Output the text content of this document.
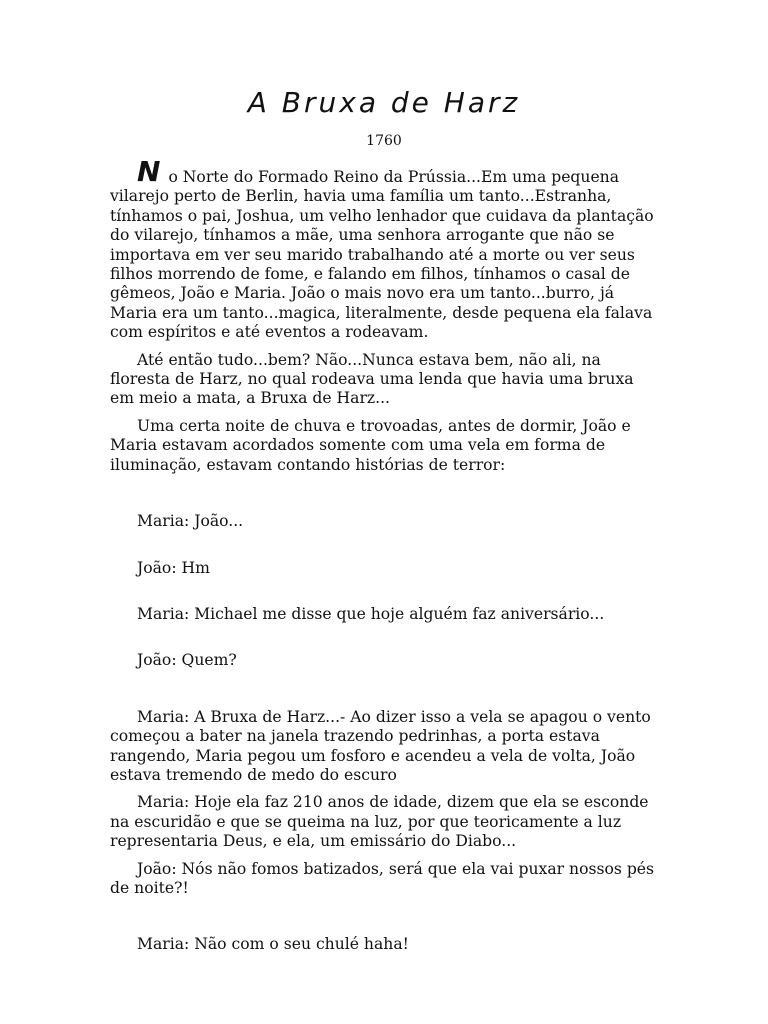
A Bruxa de Harz

1760

No Norte do Formado Reino da Prússia...Em uma pequena vilarejo perto de Berlin, havia uma família um tanto...Estranha, tínhamos o pai, Joshua, um velho lenhador que cuidava da plantação do vilarejo, tínhamos a mãe, uma senhora arrogante que não se importava em ver seu marido trabalhando até a morte ou ver seus filhos morrendo de fome, e falando em filhos, tínhamos o casal de gêmeos, João e Maria. João o mais novo era um tanto...burro, já Maria era um tanto...magica, literalmente, desde pequena ela falava com espíritos e até eventos a rodeavam.

Até então tudo...bem? Não...Nunca estava bem, não ali, na floresta de Harz, no qual rodeava uma lenda que havia uma bruxa em meio a mata, a Bruxa de Harz...

Uma certa noite de chuva e trovoadas, antes de dormir, João e Maria estavam acordados somente com uma vela em forma de iluminação, estavam contando histórias de terror:

Maria: João...

João: Hm

Maria: Michael me disse que hoje alguém faz aniversário...

João: Quem?

Maria: A Bruxa de Harz...- Ao dizer isso a vela se apagou o vento começou a bater na janela trazendo pedrinhas, a porta estava rangendo, Maria pegou um fosforo e acendeu a vela de volta, João estava tremendo de medo do escuro

Maria: Hoje ela faz 210 anos de idade, dizem que ela se esconde na escuridão e que se queima na luz, por que teoricamente a luz representaria Deus, e ela, um emissário do Diabo...

João: Nós não fomos batizados, será que ela vai puxar nossos pés de noite?!

Maria: Não com o seu chulé haha!
